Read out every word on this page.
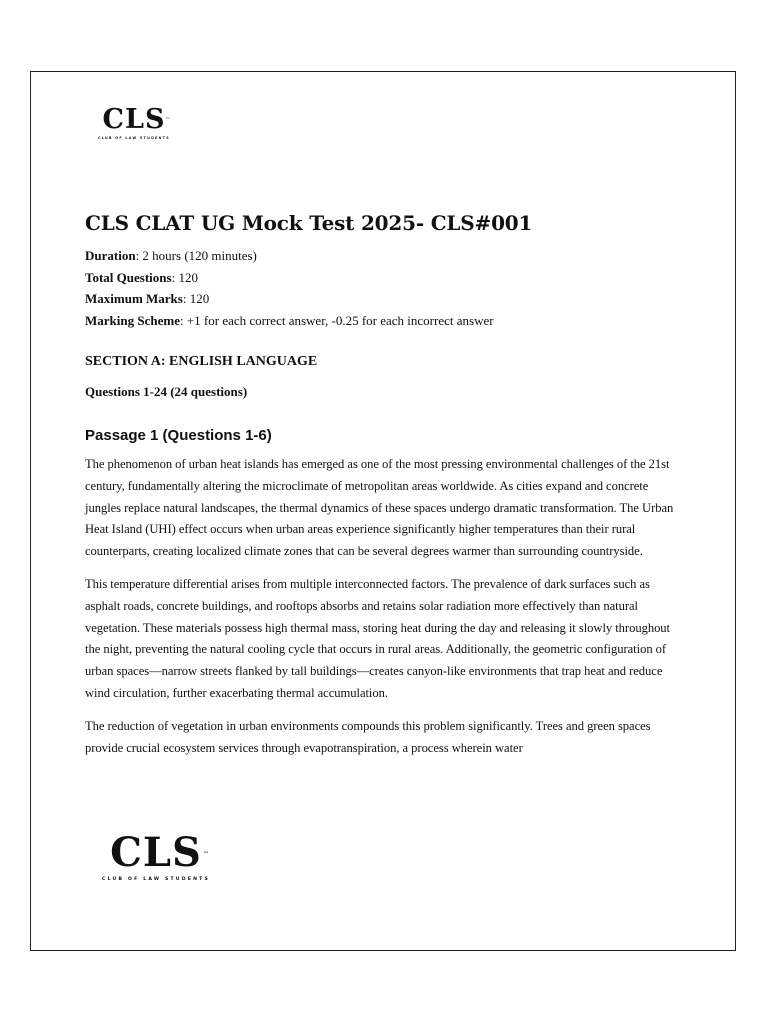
CLS ™
CLUB OF LAW STUDENTS
CLS CLAT UG Mock Test 2025- CLS#001
Duration: 2 hours (120 minutes)
Total Questions: 120
Maximum Marks: 120
Marking Scheme: +1 for each correct answer, -0.25 for each incorrect answer
SECTION A: ENGLISH LANGUAGE
Questions 1-24 (24 questions)
Passage 1 (Questions 1-6)

The phenomenon of urban heat islands has emerged as one of the most pressing environmental challenges of the 21st century, fundamentally altering the microclimate of metropolitan areas worldwide. As cities expand and concrete jungles replace natural landscapes, the thermal dynamics of these spaces undergo dramatic transformation. The Urban Heat Island (UHI) effect occurs when urban areas experience significantly higher temperatures than their rural counterparts, creating localized climate zones that can be several degrees warmer than surrounding countryside.

This temperature differential arises from multiple interconnected factors. The prevalence of dark surfaces such as asphalt roads, concrete buildings, and rooftops absorbs and retains solar radiation more effectively than natural vegetation. These materials possess high thermal mass, storing heat during the day and releasing it slowly throughout the night, preventing the natural cooling cycle that occurs in rural areas. Additionally, the geometric configuration of urban spaces—narrow streets flanked by tall buildings—creates canyon-like environments that trap heat and reduce wind circulation, further exacerbating thermal accumulation.

The reduction of vegetation in urban environments compounds this problem significantly. Trees and green spaces provide crucial ecosystem services through evapotranspiration, a process wherein water

CLS ™
CLUB OF LAW STUDENTS
